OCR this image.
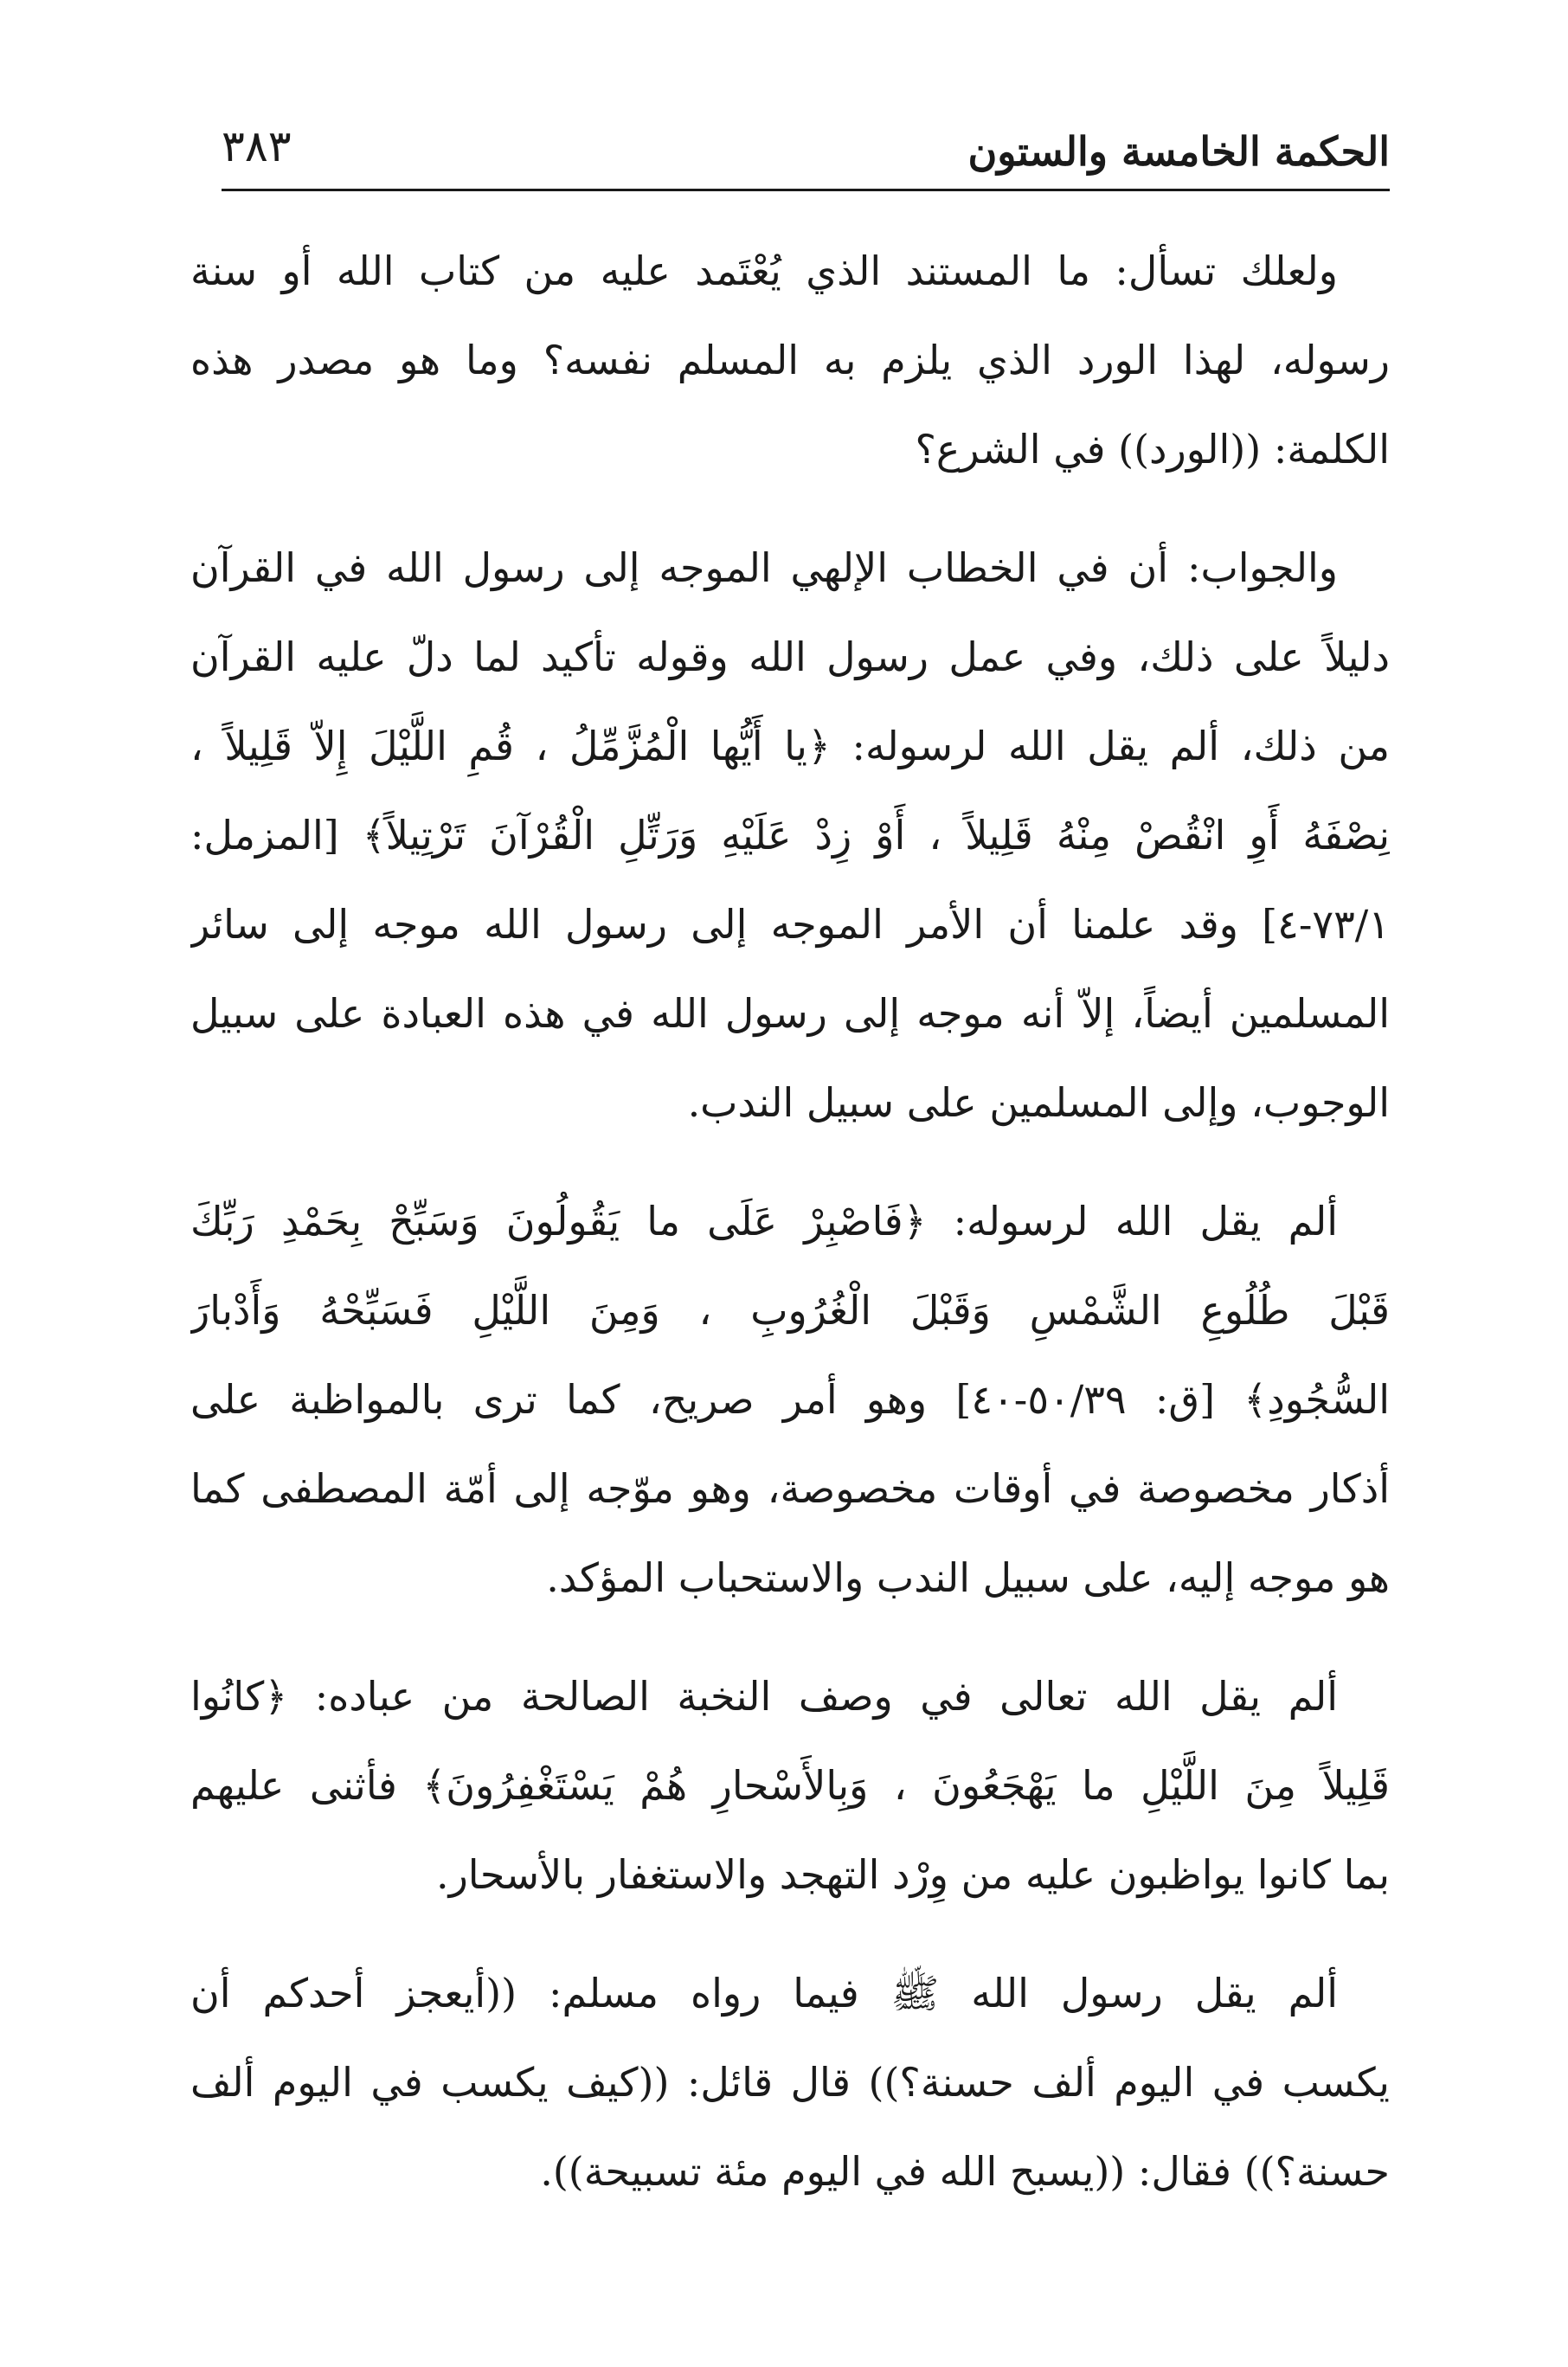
الحكمة الخامسة والستون
٣٨٣
ولعلك تسأل: ما المستند الذي يُعْتَمد عليه من كتاب الله أو سنة
رسوله، لهذا الورد الذي يلزم به المسلم نفسه؟ وما هو مصدر هذه
الكلمة: ((الورد)) في الشرع؟
والجواب: أن في الخطاب الإلهي الموجه إلى رسول الله في القرآن
دليلاً على ذلك، وفي عمل رسول الله وقوله تأكيد لما دلّ عليه القرآن
من ذلك، ألم يقل الله لرسوله: ﴿يا أَيُّها الْمُزَّمِّلُ ، قُمِ اللَّيْلَ إِلاّ قَلِيلاً ،
نِصْفَهُ أَوِ انْقُصْ مِنْهُ قَلِيلاً ، أَوْ زِدْ عَلَيْهِ وَرَتِّلِ الْقُرْآنَ تَرْتِيلاً﴾ [المزمل:
٧٣/١-٤] وقد علمنا أن الأمر الموجه إلى رسول الله موجه إلى سائر
المسلمين أيضاً، إلاّ أنه موجه إلى رسول الله في هذه العبادة على سبيل
الوجوب، وإلى المسلمين على سبيل الندب.
ألم يقل الله لرسوله: ﴿فَاصْبِرْ عَلَى ما يَقُولُونَ وَسَبِّحْ بِحَمْدِ رَبِّكَ
قَبْلَ طُلُوعِ الشَّمْسِ وَقَبْلَ الْغُرُوبِ ، وَمِنَ اللَّيْلِ فَسَبِّحْهُ وَأَدْبارَ
السُّجُودِ﴾ [ق: ٥٠/٣٩-٤٠] وهو أمر صريح، كما ترى بالمواظبة على
أذكار مخصوصة في أوقات مخصوصة، وهو موّجه إلى أمّة المصطفى كما
هو موجه إليه، على سبيل الندب والاستحباب المؤكد.
ألم يقل الله تعالى في وصف النخبة الصالحة من عباده: ﴿كانُوا
قَلِيلاً مِنَ اللَّيْلِ ما يَهْجَعُونَ ، وَبِالأَسْحارِ هُمْ يَسْتَغْفِرُونَ﴾ فأثنى عليهم
بما كانوا يواظبون عليه من وِرْد التهجد والاستغفار بالأسحار.
ألم يقل رسول الله ﷺ فيما رواه مسلم: ((أيعجز أحدكم أن
يكسب في اليوم ألف حسنة؟)) قال قائل: ((كيف يكسب في اليوم ألف
حسنة؟)) فقال: ((يسبح الله في اليوم مئة تسبيحة)).
